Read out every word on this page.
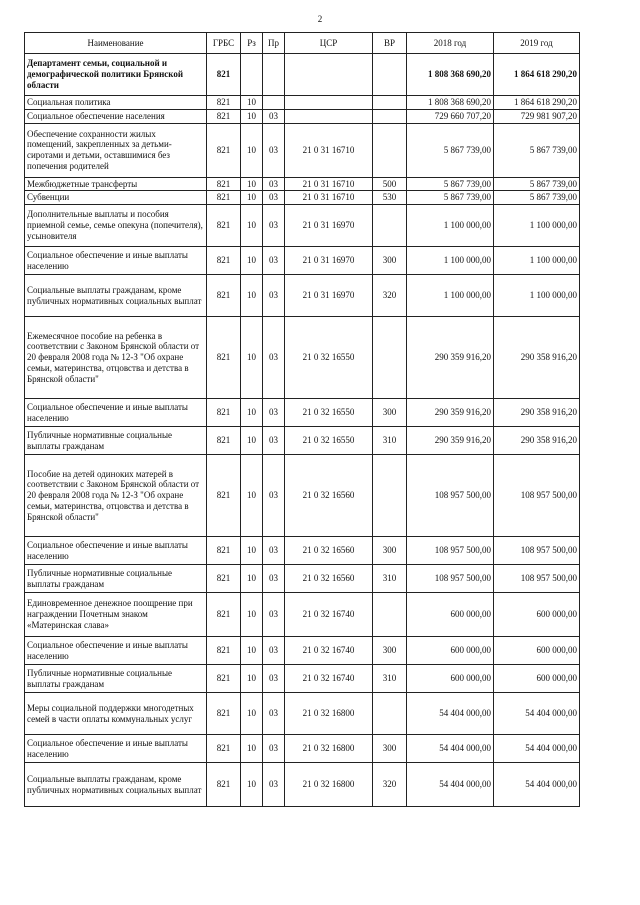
2
Наименование	ГРБС	Рз	Пр	ЦСР	ВР	2018 год	2019 год
Департамент семьи, социальной и демографической политики Брянской области	821					1 808 368 690,20	1 864 618 290,20
Социальная политика	821	10				1 808 368 690,20	1 864 618 290,20
Социальное обеспечение населения	821	10	03			729 660 707,20	729 981 907,20
Обеспечение сохранности жилых помещений, закрепленных за детьми-сиротами и детьми, оставшимися без попечения родителей	821	10	03	21 0 31 16710		5 867 739,00	5 867 739,00
Межбюджетные трансферты	821	10	03	21 0 31 16710	500	5 867 739,00	5 867 739,00
Субвенции	821	10	03	21 0 31 16710	530	5 867 739,00	5 867 739,00
Дополнительные выплаты и пособия приемной семье, семье опекуна (попечителя), усыновителя	821	10	03	21 0 31 16970		1 100 000,00	1 100 000,00
Социальное обеспечение и иные выплаты населению	821	10	03	21 0 31 16970	300	1 100 000,00	1 100 000,00
Социальные выплаты гражданам, кроме публичных нормативных социальных выплат	821	10	03	21 0 31 16970	320	1 100 000,00	1 100 000,00
Ежемесячное пособие на ребенка в соответствии с Законом Брянской области от 20 февраля 2008 года № 12-З "Об охране семьи, материнства, отцовства и детства в Брянской области"	821	10	03	21 0 32 16550		290 359 916,20	290 358 916,20
Социальное обеспечение и иные выплаты населению	821	10	03	21 0 32 16550	300	290 359 916,20	290 358 916,20
Публичные нормативные социальные выплаты гражданам	821	10	03	21 0 32 16550	310	290 359 916,20	290 358 916,20
Пособие на детей одиноких матерей в соответствии с Законом Брянской области от 20 февраля 2008 года № 12-З "Об охране семьи, материнства, отцовства и детства в Брянской области"	821	10	03	21 0 32 16560		108 957 500,00	108 957 500,00
Социальное обеспечение и иные выплаты населению	821	10	03	21 0 32 16560	300	108 957 500,00	108 957 500,00
Публичные нормативные социальные выплаты гражданам	821	10	03	21 0 32 16560	310	108 957 500,00	108 957 500,00
Единовременное денежное поощрение при награждении Почетным знаком «Материнская слава»	821	10	03	21 0 32 16740		600 000,00	600 000,00
Социальное обеспечение и иные выплаты населению	821	10	03	21 0 32 16740	300	600 000,00	600 000,00
Публичные нормативные социальные выплаты гражданам	821	10	03	21 0 32 16740	310	600 000,00	600 000,00
Меры социальной поддержки многодетных семей в части оплаты коммунальных услуг	821	10	03	21 0 32 16800		54 404 000,00	54 404 000,00
Социальное обеспечение и иные выплаты населению	821	10	03	21 0 32 16800	300	54 404 000,00	54 404 000,00
Социальные выплаты гражданам, кроме публичных нормативных социальных выплат	821	10	03	21 0 32 16800	320	54 404 000,00	54 404 000,00
